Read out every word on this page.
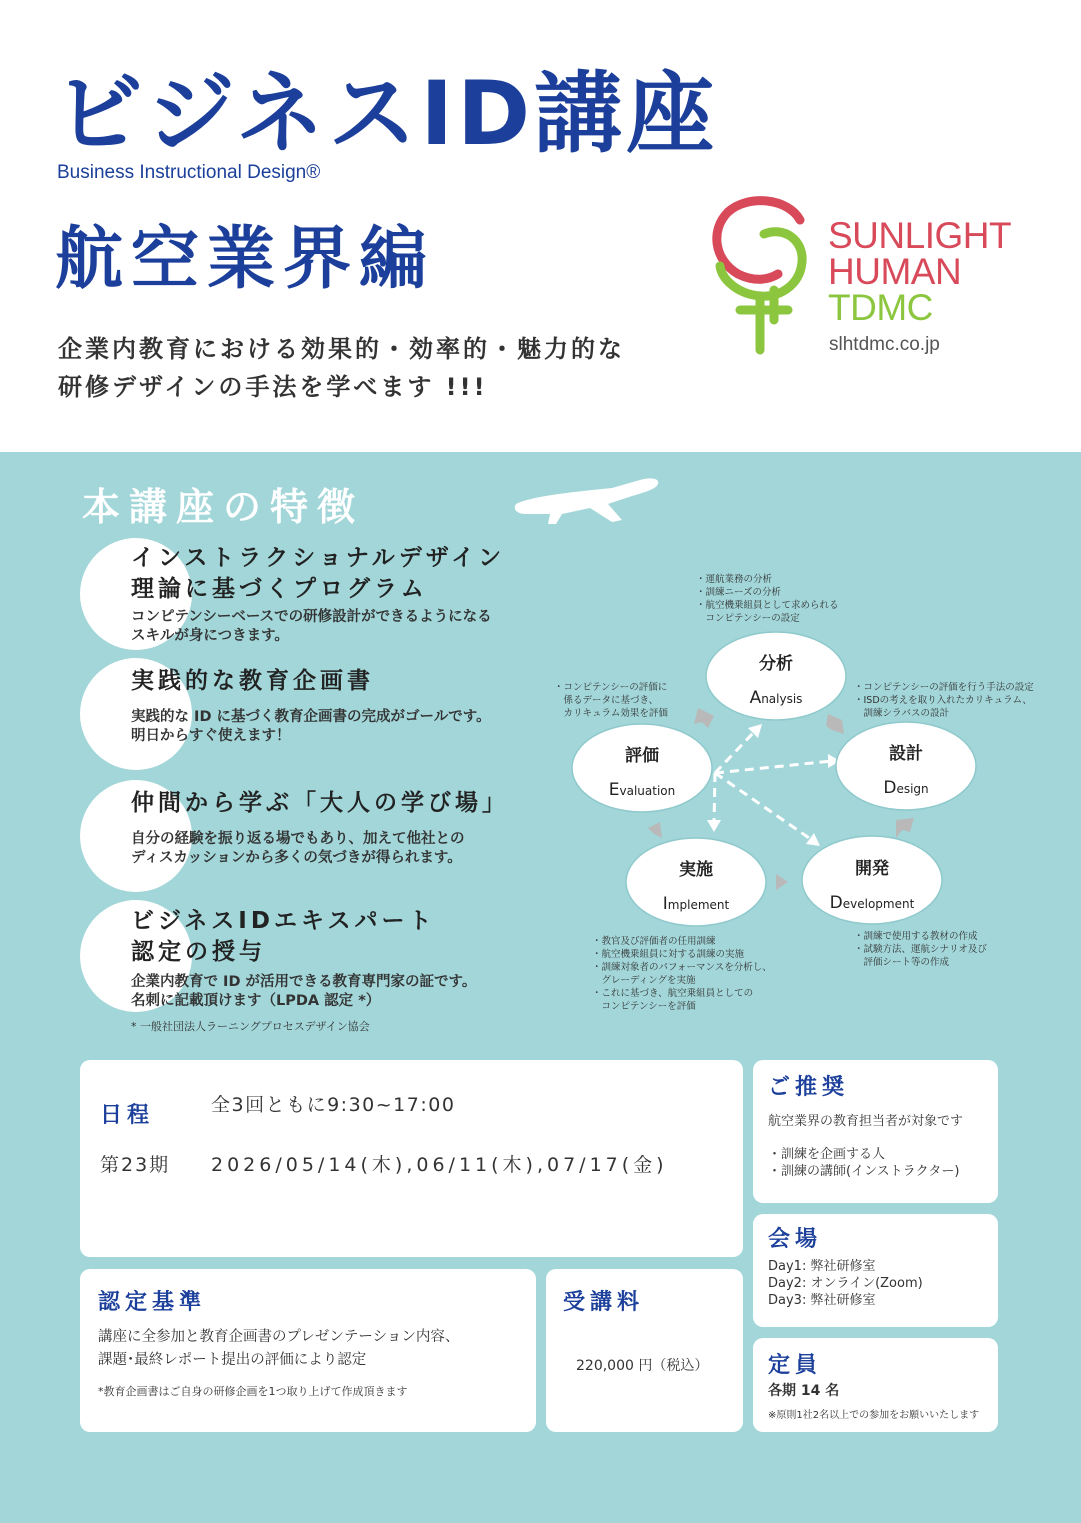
ビジネスID講座
Business Instructional Design®
航空業界編
企業内教育における効果的・効率的・魅力的な
研修デザインの手法を学べます !!!
SUNLIGHT
HUMAN
TDMC
slhtdmc.co.jp
本講座の特徴
インストラクショナルデザイン
理論に基づくプログラム
コンピテンシーベースでの研修設計ができるようになる
スキルが身につきます。
実践的な教育企画書
実践的な ID に基づく教育企画書の完成がゴールです。
明日からすぐ使えます！
仲間から学ぶ「大人の学び場」
自分の経験を振り返る場でもあり、加えて他社との
ディスカッションから多くの気づきが得られます。
ビジネスIDエキスパート
認定の授与
企業内教育で ID が活用できる教育専門家の証です。
名刺に記載頂けます（LPDA 認定 *）
* 一般社団法人ラーニングプロセスデザイン協会
分析
Analysis
設計
Design
開発
Development
実施
Implement
評価
Evaluation
・運航業務の分析
・訓練ニーズの分析
・航空機乗組員として求められる
　コンピテンシーの設定
・コンピテンシーの評価を行う手法の設定
・ISDの考えを取り入れたカリキュラム、
　訓練シラバスの設計
・訓練で使用する教材の作成
・試験方法、運航シナリオ及び
　評価シート等の作成
・教官及び評価者の任用訓練
・航空機乗組員に対する訓練の実施
・訓練対象者のパフォーマンスを分析し、
　グレーディングを実施
・これに基づき、航空乗組員としての
　コンピテンシーを評価
・コンピテンシーの評価に
　係るデータに基づき、
　カリキュラム効果を評価
日程	全3回ともに9:30~17:00
第23期 2026/05/14(木),06/11(木),07/17(金)
ご推奨
航空業界の教育担当者が対象です
・訓練を企画する人
・訓練の講師(インストラクター)
会場
Day1: 弊社研修室
Day2: オンライン(Zoom)
Day3: 弊社研修室
認定基準
講座に全参加と教育企画書のプレゼンテーション内容、
課題･最終レポート提出の評価により認定
*教育企画書はご自身の研修企画を1つ取り上げて作成頂きます
受講料
220,000 円（税込）	定員
各期 14 名
※原則1社2名以上での参加をお願いいたします
